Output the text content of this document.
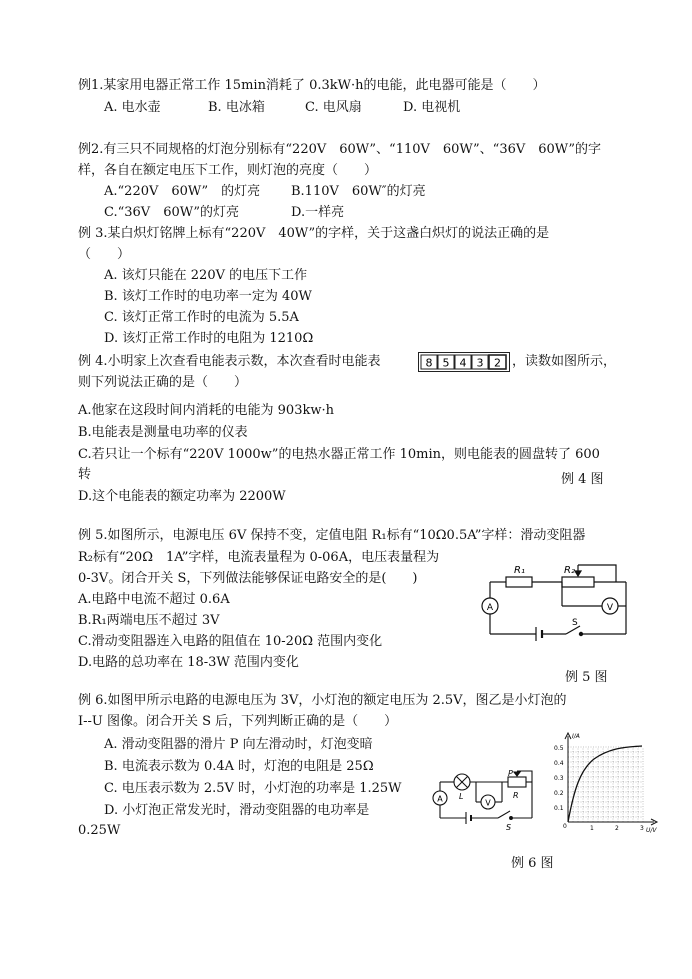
例1.某家用电器正常工作 15min消耗了 0.3kW·h的电能，此电器可能是（　　）
A. 电水壶	B. 电冰箱	C. 电风扇	D. 电视机
例2.有三只不同规格的灯泡分别标有“220V　60W”、“110V　60W”、“36V　60W”的字
样，各自在额定电压下工作，则灯泡的亮度（　　）
A.“220V　60W”　的灯亮 B.110V　60W″的灯亮
C.“36V　60W”的灯亮	D.一样亮
例 3.某白炽灯铭牌上标有“220V　40W”的字样，关于这盏白炽灯的说法正确的是
（　　）
A. 该灯只能在 220V 的电压下工作
B. 该灯工作时的电功率一定为 40W
C. 该灯正常工作时的电流为 5.5A
D. 该灯正常工作时的电阻为 1210Ω
例 4.小明家上次查看电能表示数，本次查看时电能表	8 5 4 3 2 ，读数如图所示，
则下列说法正确的是（　　）
A.他家在这段时间内消耗的电能为 903kw·h
B.电能表是测量电功率的仪表
C.若只让一个标有“220V 1000w”的电热水器正常工作 10min，则电能表的圆盘转了 600
转	例 4 图
D.这个电能表的额定功率为 2200W
例 5.如图所示，电源电压 6V 保持不变，定值电阻 R₁标有“10Ω0.5A”字样：滑动变阻器
R₂标有“20Ω　1A”字样，电流表量程为 0-06A，电压表量程为
0-3V。闭合开关 S，下列做法能够保证电路安全的是(　　)
A.电路中电流不超过 0.6A
B.R₁两端电压不超过 3V
C.滑动变阻器连入电路的阻值在 10-20Ω 范围内变化
D.电路的总功率在 18-3W 范围内变化
R₁	R₂
A	V
S
例 5 图
例 6.如图甲所示电路的电源电压为 3V，小灯泡的额定电压为 2.5V，图乙是小灯泡的
I--U 图像。闭合开关 S 后，下列判断正确的是（　　）
A. 滑动变阻器的滑片 P 向左滑动时，灯泡变暗
B. 电流表示数为 0.4A 时，灯泡的电阻是 25Ω
C. 电压表示数为 2.5V 时，小灯泡的功率是 1.25W
D. 小灯泡正常发光时，滑动变阻器的电功率是
0.25W
A L
V
P
R
S
I/A
U/V
0
0.1
0.2
0.3
0.4
0.5
1	2	3
例 6 图
